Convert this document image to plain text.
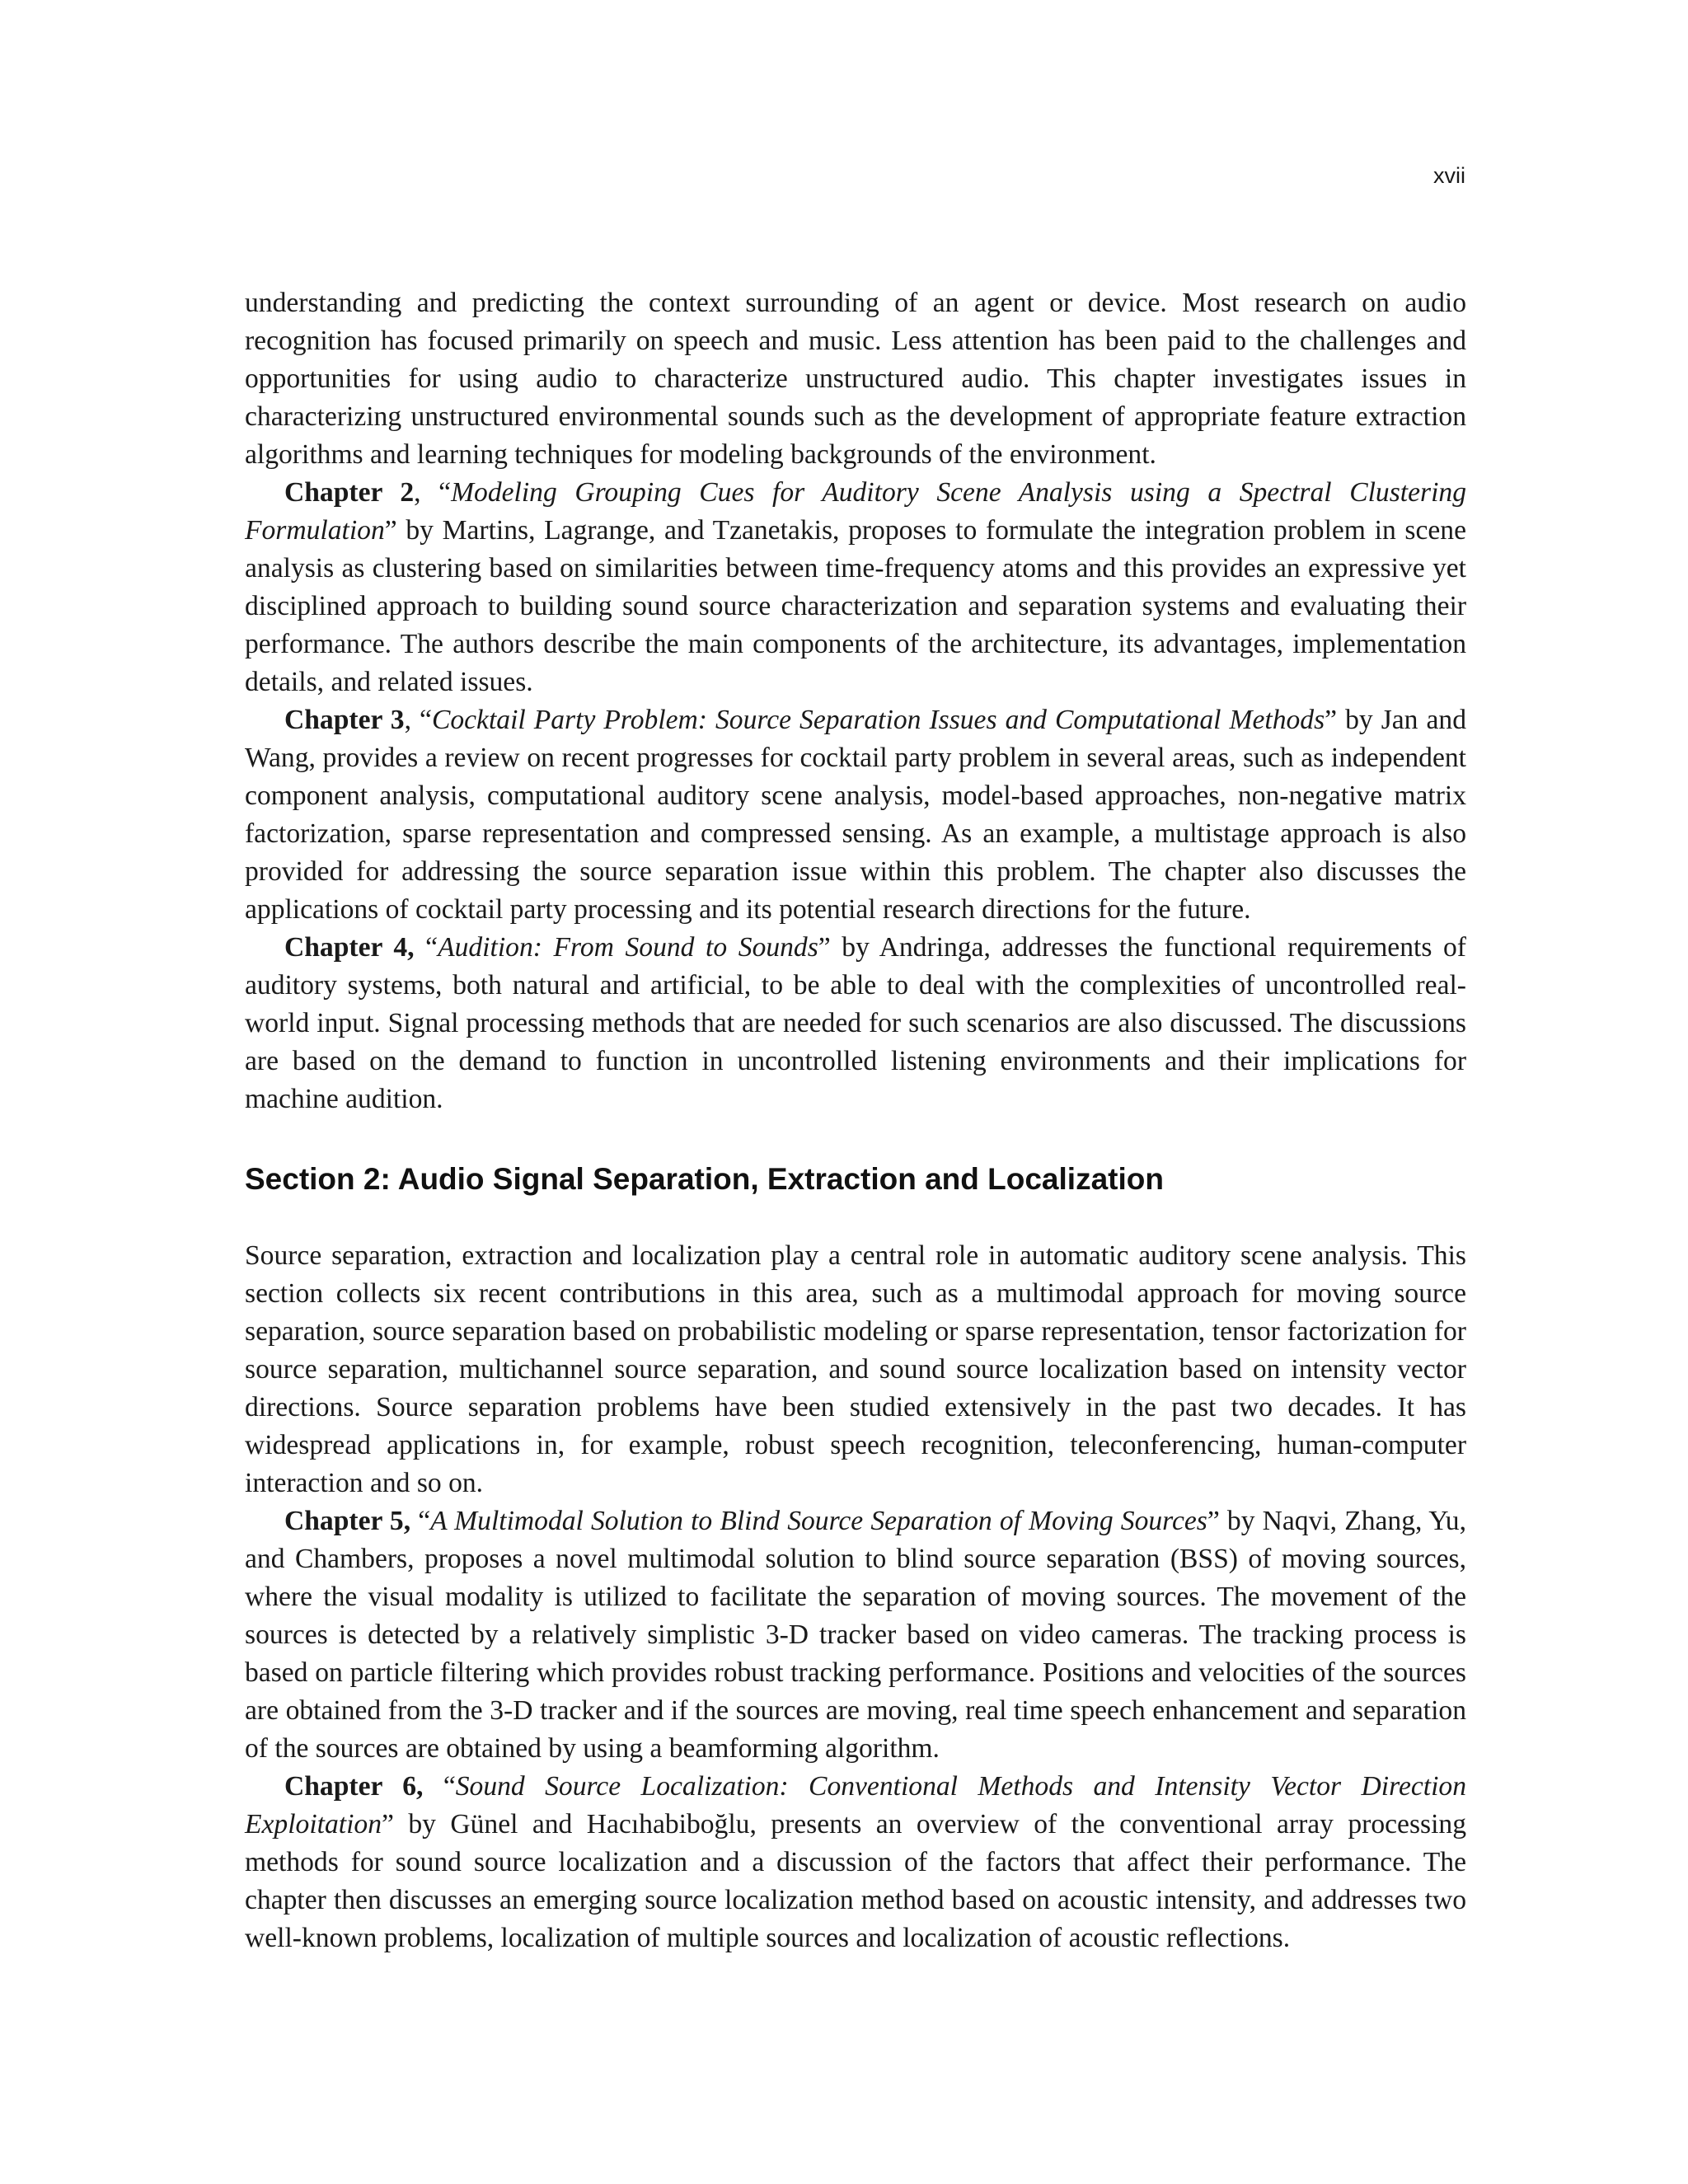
xvii

understanding and predicting the context surrounding of an agent or device. Most research on audio recognition has focused primarily on speech and music. Less attention has been paid to the challenges and opportunities for using audio to characterize unstructured audio. This chapter investigates issues in characterizing unstructured environmental sounds such as the development of appropriate feature extraction algorithms and learning techniques for modeling backgrounds of the environment.

Chapter 2, “Modeling Grouping Cues for Auditory Scene Analysis using a Spectral Clustering Formulation” by Martins, Lagrange, and Tzanetakis, proposes to formulate the integration problem in scene analysis as clustering based on similarities between time-frequency atoms and this provides an expressive yet disciplined approach to building sound source characterization and separation systems and evaluating their performance. The authors describe the main components of the architecture, its advantages, implementation details, and related issues.

Chapter 3, “Cocktail Party Problem: Source Separation Issues and Computational Methods” by Jan and Wang, provides a review on recent progresses for cocktail party problem in several areas, such as independent component analysis, computational auditory scene analysis, model-based approaches, non-negative matrix factorization, sparse representation and compressed sensing. As an example, a multistage approach is also provided for addressing the source separation issue within this problem. The chapter also discusses the applications of cocktail party processing and its potential research directions for the future.

Chapter 4, “Audition: From Sound to Sounds” by Andringa, addresses the functional requirements of auditory systems, both natural and artificial, to be able to deal with the complexities of uncontrolled real-world input. Signal processing methods that are needed for such scenarios are also discussed. The discussions are based on the demand to function in uncontrolled listening environments and their implications for machine audition.

Section 2: Audio Signal Separation, Extraction and Localization

Source separation, extraction and localization play a central role in automatic auditory scene analysis. This section collects six recent contributions in this area, such as a multimodal approach for moving source separation, source separation based on probabilistic modeling or sparse representation, tensor factorization for source separation, multichannel source separation, and sound source localization based on intensity vector directions. Source separation problems have been studied extensively in the past two decades. It has widespread applications in, for example, robust speech recognition, teleconferencing, human-computer interaction and so on.

Chapter 5, “A Multimodal Solution to Blind Source Separation of Moving Sources” by Naqvi, Zhang, Yu, and Chambers, proposes a novel multimodal solution to blind source separation (BSS) of moving sources, where the visual modality is utilized to facilitate the separation of moving sources. The movement of the sources is detected by a relatively simplistic 3-D tracker based on video cameras. The tracking process is based on particle filtering which provides robust tracking performance. Positions and velocities of the sources are obtained from the 3-D tracker and if the sources are moving, real time speech enhancement and separation of the sources are obtained by using a beamforming algorithm.

Chapter 6, “Sound Source Localization: Conventional Methods and Intensity Vector Direction Exploitation” by Günel and Hacıhabiboğlu, presents an overview of the conventional array processing methods for sound source localization and a discussion of the factors that affect their performance. The chapter then discusses an emerging source localization method based on acoustic intensity, and addresses two well-known problems, localization of multiple sources and localization of acoustic reflections.
